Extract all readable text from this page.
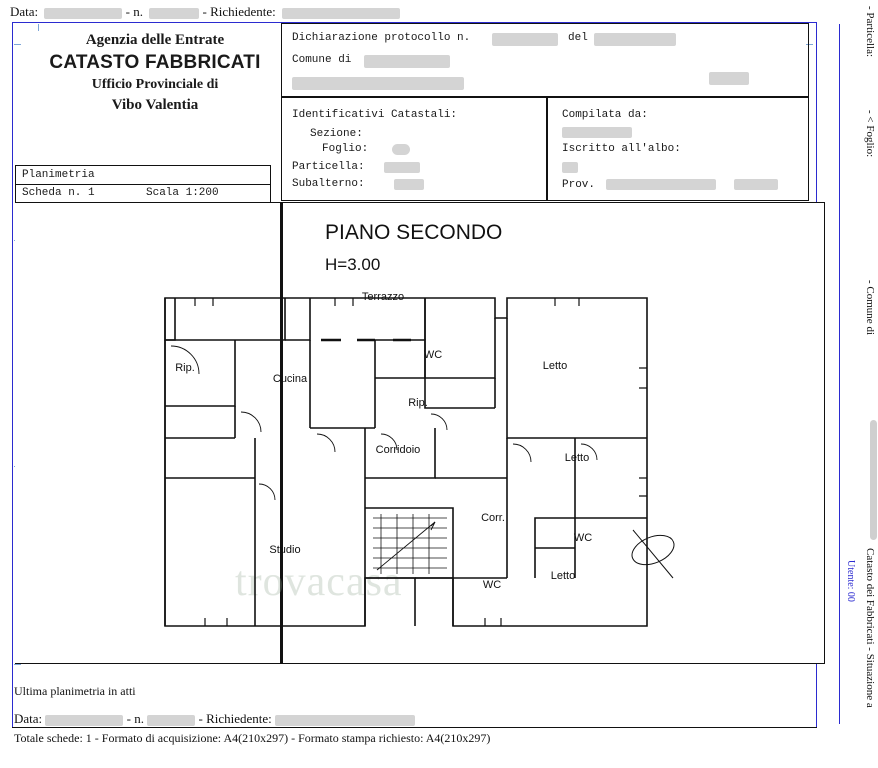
Data:	- n.	- Richiedente:
Agenzia delle Entrate
CATASTO FABBRICATI
Ufficio Provinciale di
Vibo Valentia
Dichiarazione protocollo n.	del
Comune di
Identificativi Catastali:
Sezione:
Foglio:
Particella:
Subalterno:
Compilata da:
Iscritto all'albo:
Prov.
Planimetria
Scheda n. 1	Scala 1:200
PIANO SECONDO
H=3.00
trovacasa
Terrazzo
Rip.
Cucina
WC
Letto
Rip.
Corridoio
Letto
Corr.
WC
Studio
WC
Letto
Ultima planimetria in atti
Data:	- n.	- Richiedente:
Totale schede: 1 - Formato di acquisizione: A4(210x297) - Formato stampa richiesto: A4(210x297)
- Particella:
- < Foglio:
- Comune di
Catasto dei Fabbricati - Situazione a
Utente: 00
